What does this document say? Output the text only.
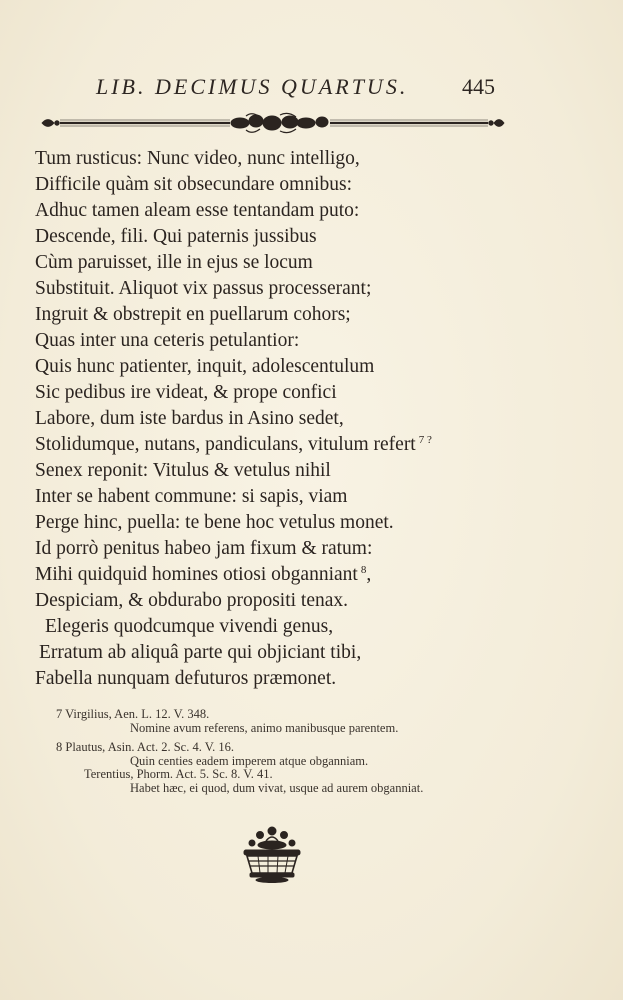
LIB. DECIMUS QUARTUS. 445
Tum rusticus: Nunc video, nunc intelligo,
Difficile quàm sit obsecundare omnibus:
Adhuc tamen aleam esse tentandam puto:
Descende, fili. Qui paternis jussibus
Cùm paruisset, ille in ejus se locum
Substituit. Aliquot vix passus processerant;
Ingruit & obstrepit en puellarum cohors;
Quas inter una ceteris petulantior:
Quis hunc patienter, inquit, adolescentulum
Sic pedibus ire videat, & prope confici
Labore, dum iste bardus in Asino sedet,
Stolidumque, nutans, pandiculans, vitulum refert $^{7 ?}$
Senex reponit: Vitulus & vetulus nihil
Inter se habent commune: si sapis, viam
Perge hinc, puella: te bene hoc vetulus monet.
Id porrò penitus habeo jam fixum & ratum:
Mihi quidquid homines otiosi obganniant $^8$,
Despiciam, & obdurabo propositi tenax.
Elegeris quodcumque vivendi genus,
Erratum ab aliquâ parte qui objiciant tibi,
Fabella nunquam defuturos præmonet.
7 Virgilius, Aen. L. 12. V. 348.
Nomine avum referens, animo manibusque parentem.
8 Plautus, Asin. Act. 2. Sc. 4. V. 16.
Quin centies eadem imperem atque obganniam.
Terentius, Phorm. Act. 5. Sc. 8. V. 41.
Habet hæc, ei quod, dum vivat, usque ad aurem obganniat.
